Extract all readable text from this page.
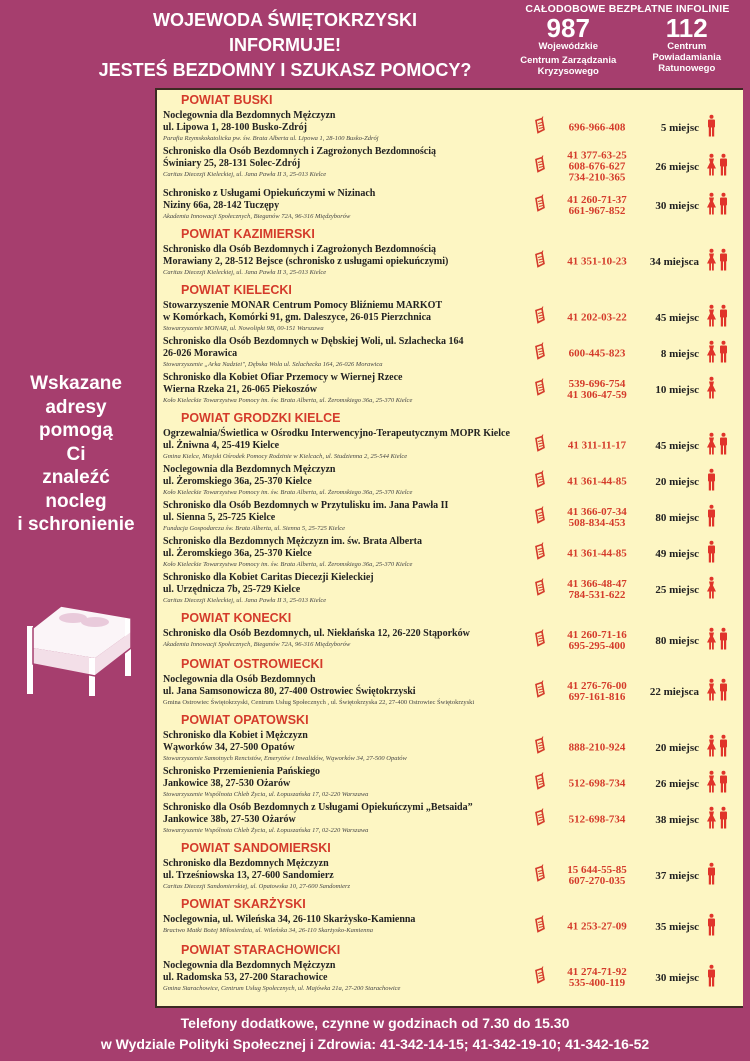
WOJEWODA ŚWIĘTOKRZYSKI
INFORMUJE!
JESTEŚ BEZDOMNY I SZUKASZ POMOCY?
CAŁODOBOWE BEZPŁATNE INFOLINIE
987
Wojewódzkie
Centrum Zarządzania
Kryzysowego
112
Centrum
Powiadamiania
Ratunowego
Wskazane
adresy
pomogą
Ci
znaleźć
nocleg
i schronienie
POWIAT BUSKI
Noclegownia dla Bezdomnych Mężczyzn
ul. Lipowa 1, 28-100 Busko-Zdrój
Parafia Rzymskokatolicka pw. św. Brata Alberta ul. Lipowa 1, 28-100 Busko-Zdrój
696-966-408	5 miejsc
Schronisko dla Osób Bezdomnych i Zagrożonych Bezdomnością
Świniary 25, 28-131 Solec-Zdrój
Caritas Diecezji Kieleckiej, ul. Jana Pawła II 3, 25-013 Kielce
41 377-63-25
608-676-627
734-210-365
26 miejsc
Schronisko z Usługami Opiekuńczymi w Nizinach
Niziny 66a, 28-142 Tuczępy
Akademia Innowacji Społecznych, Bieganów 72A, 96-316 Międzyborów
41 260-71-37
661-967-852	30 miejsc
POWIAT KAZIMIERSKI
Schronisko dla Osób Bezdomnych i Zagrożonych Bezdomnością
Morawiany 2, 28-512 Bejsce (schronisko z usługami opiekuńczymi)
Caritas Diecezji Kieleckiej, ul. Jana Pawła II 3, 25-013 Kielce
41 351-10-23	34 miejsca
POWIAT KIELECKI
Stowarzyszenie MONAR Centrum Pomocy Bliźniemu MARKOT
w Komórkach, Komórki 91, gm. Daleszyce, 26-015 Pierzchnica
Stowarzyszenie MONAR, ul. Nowolipki 9B, 00-151 Warszawa
41 202-03-22	45 miejsc
Schronisko dla Osób Bezdomnych w Dębskiej Woli, ul. Szlachecka 164
26-026 Morawica
Stowarzyszenie „Arka Nadziei", Dębska Wola ul. Szlachecka 164, 26-026 Morawica
600-445-823	8 miejsc
Schronisko dla Kobiet Ofiar Przemocy w Wiernej Rzece
Wierna Rzeka 21, 26-065 Piekoszów
Koło Kieleckie Towarzystwa Pomocy im. św. Brata Alberta, ul. Żeromskiego 36a, 25-370 Kielce
539-696-754
41 306-47-59	10 miejsc
POWIAT GRODZKI KIELCE
Ogrzewalnia/Świetlica w Ośrodku Interwencyjno-Terapeutycznym MOPR Kielce
ul. Żniwna 4, 25-419 Kielce
Gmina Kielce, Miejski Ośrodek Pomocy Rodzinie w Kielcach, ul. Studzienna 2, 25-544 Kielce
41 311-11-17	45 miejsc
Noclegownia dla Bezdomnych Mężczyzn
ul. Żeromskiego 36a, 25-370 Kielce
Koło Kieleckie Towarzystwa Pomocy im. św. Brata Alberta, ul. Żeromskiego 36a, 25-370 Kielce
41 361-44-85	20 miejsc
Schronisko dla Osób Bezdomnych w Przytulisku im. Jana Pawła II
ul. Sienna 5, 25-725 Kielce
Fundacja Gospodarcza św. Brata Alberta, ul. Sienna 5, 25-725 Kielce
41 366-07-34
508-834-453	80 miejsc
Schronisko dla Bezdomnych Mężczyzn im. św. Brata Alberta
ul. Żeromskiego 36a, 25-370 Kielce
Koło Kieleckie Towarzystwa Pomocy im. św. Brata Alberta, ul. Żeromskiego 36a, 25-370 Kielce
41 361-44-85	49 miejsc
Schronisko dla Kobiet Caritas Diecezji Kieleckiej
ul. Urzędnicza 7b, 25-729 Kielce
Caritas Diecezji Kieleckiej, ul. Jana Pawła II 3, 25-013 Kielce
41 366-48-47
784-531-622	25 miejsc
POWIAT KONECKI
Schronisko dla Osób Bezdomnych, ul. Niekłańska 12, 26-220 Stąporków
Akademia Innowacji Społecznych, Bieganów 72A, 96-316 Międzyborów
41 260-71-16
695-295-400	80 miejsc
POWIAT OSTROWIECKI
Noclegownia dla Osób Bezdomnych
ul. Jana Samsonowicza 80, 27-400 Ostrowiec Świętokrzyski
Gmina Ostrowiec Świętokrzyski, Centrum Usług Społecznych , ul. Świętokrzyska 22, 27-400 Ostrowiec Świętokrzyski
41 276-76-00
697-161-816	22 miejsca
POWIAT OPATOWSKI
Schronisko dla Kobiet i Mężczyzn
Wąworków 34, 27-500 Opatów
Stowarzyszenie Samotnych Rencistów, Emerytów i Inwalidów, Wąworków 34, 27-500 Opatów
888-210-924	20 miejsc
Schronisko Przemienienia Pańskiego
Jankowice 38, 27-530 Ożarów
Stowarzyszenie Wspólnota Chleb Życia, ul. Łopuszańska 17, 02-220 Warszawa
512-698-734	26 miejsc
Schronisko dla Osób Bezdomnych z Usługami Opiekuńczymi „Betsaida”
Jankowice 38b, 27-530 Ożarów
Stowarzyszenie Wspólnota Chleb Życia, ul. Łopuszańska 17, 02-220 Warszawa
512-698-734	38 miejsc
POWIAT SANDOMIERSKI
Schronisko dla Bezdomnych Mężczyzn
ul. Trześniowska 13, 27-600 Sandomierz
Caritas Diecezji Sandomierskiej, ul. Opatowska 10, 27-600 Sandomierz
15 644-55-85
607-270-035	37 miejsc
POWIAT SKARŻYSKI
Noclegownia, ul. Wileńska 34, 26-110 Skarżysko-Kamienna
Bractwo Matki Bożej Miłosierdzia, ul. Wileńska 34, 26-110 Skarżysko-Kamienna	41 253-27-09	35 miejsc
POWIAT STARACHOWICKI
Noclegownia dla Bezdomnych Mężczyzn
ul. Radomska 53, 27-200 Starachowice
Gmina Starachowice, Centrum Usług Społecznych, ul. Majówka 21a, 27-200 Starachowice
41 274-71-92
535-400-119	30 miejsc
Telefony dodatkowe, czynne w godzinach od 7.30 do 15.30
w Wydziale Polityki Społecznej i Zdrowia: 41-342-14-15; 41-342-19-10; 41-342-16-52
